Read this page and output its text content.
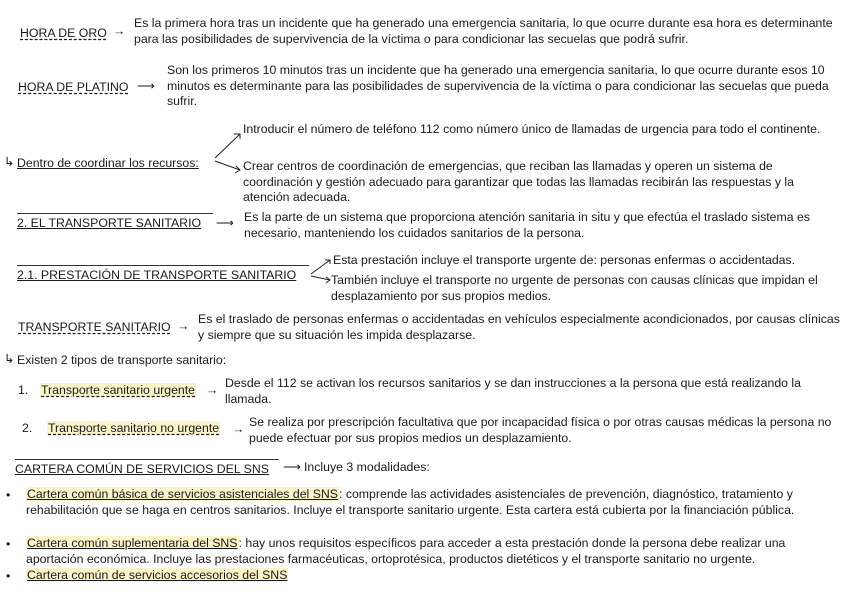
HORA DE ORO →
Es la primera hora tras un incidente que ha generado una emergencia sanitaria, lo que ocurre durante esa hora es determinante para las posibilidades de supervivencia de la víctima o para condicionar las secuelas que podrá sufrir.
HORA DE PLATINO ⟶
Son los primeros 10 minutos tras un incidente que ha generado una emergencia sanitaria, lo que ocurre durante esos 10 minutos es determinante para las posibilidades de supervivencia de la víctima o para condicionar las secuelas que pueda sufrir.
↳ Dentro de coordinar los recursos:
Introducir el número de teléfono 112 como número único de llamadas de urgencia para todo el continente.
Crear centros de coordinación de emergencias, que reciban las llamadas y operen un sistema de coordinación y gestión adecuado para garantizar que todas las llamadas recibirán las respuestas y la atención adecuada.
2. EL TRANSPORTE SANITARIO	⟶ Es la parte de un sistema que proporciona atención sanitaria in situ y que efectúa el traslado sistema es necesario, manteniendo los cuidados sanitarios de la persona.
2.1. PRESTACIÓN DE TRANSPORTE SANITARIO
Esta prestación incluye el transporte urgente de: personas enfermas o accidentadas.
También incluye el transporte no urgente de personas con causas clínicas que impidan el desplazamiento por sus propios medios.
TRANSPORTE SANITARIO → Es el traslado de personas enfermas o accidentadas en vehículos especialmente acondicionados, por causas clínicas y siempre que su situación les impida desplazarse.
↳ Existen 2 tipos de transporte sanitario:
1. Transporte sanitario urgente → Desde el 112 se activan los recursos sanitarios y se dan instrucciones a la persona que está realizando la llamada.
2. Transporte sanitario no urgente → Se realiza por prescripción facultativa que por incapacidad física o por otras causas médicas la persona no puede efectuar por sus propios medios un desplazamiento.
CARTERA COMÚN DE SERVICIOS DEL SNS	⟶ Incluye 3 modalidades:
• Cartera común básica de servicios asistenciales del SNS: comprende las actividades asistenciales de prevención, diagnóstico, tratamiento y rehabilitación que se haga en centros sanitarios. Incluye el transporte sanitario urgente. Esta cartera está cubierta por la financiación pública.
• Cartera común suplementaria del SNS: hay unos requisitos específicos para acceder a esta prestación donde la persona debe realizar una aportación económica. Incluye las prestaciones farmacéuticas, ortoprotésica, productos dietéticos y el transporte sanitario no urgente.
• Cartera común de servicios accesorios del SNS
